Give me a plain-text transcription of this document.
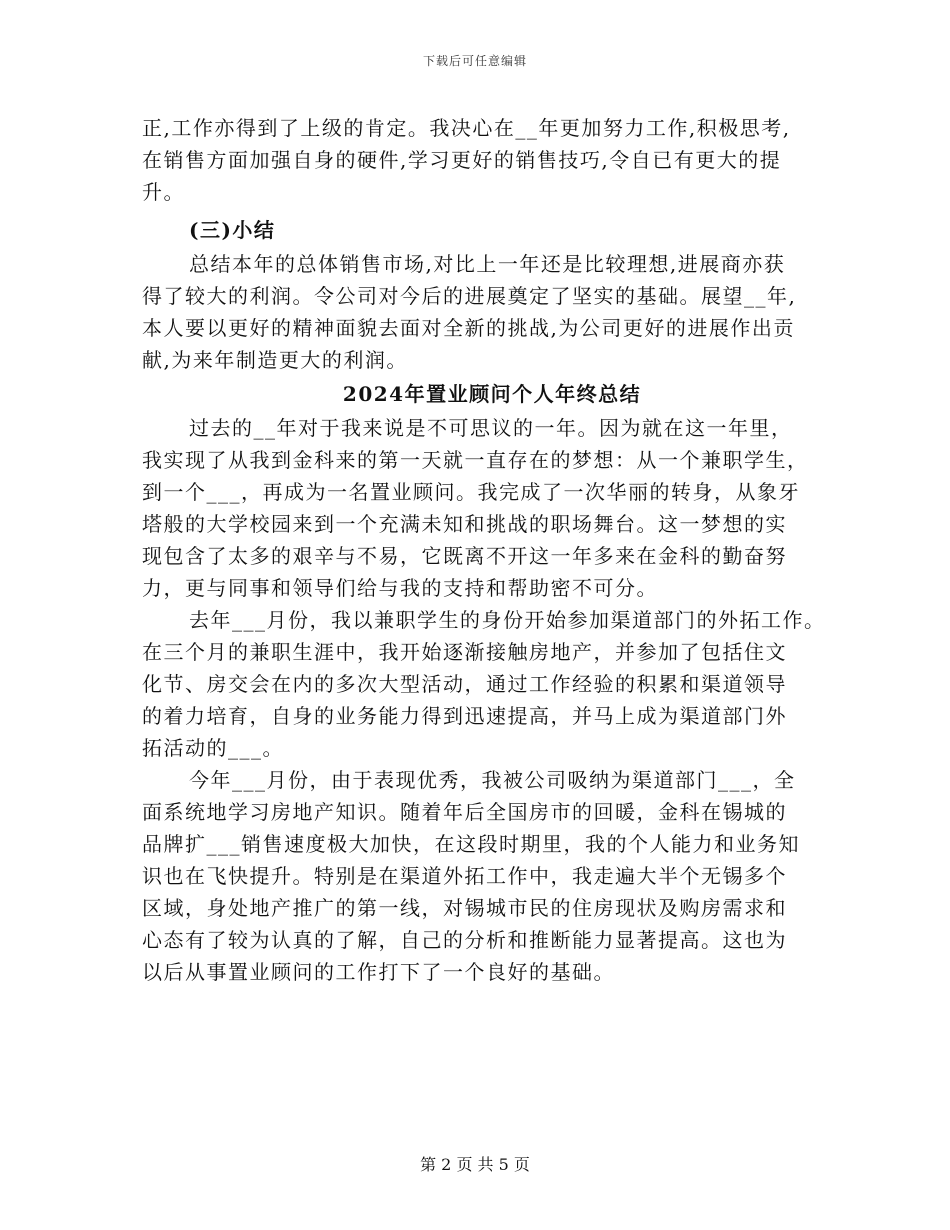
下载后可任意编辑
正,工作亦得到了上级的肯定。我决心在__年更加努力工作,积极思考,
在销售方面加强自身的硬件,学习更好的销售技巧,令自已有更大的提
升。
(三)小结
总结本年的总体销售市场,对比上一年还是比较理想,进展商亦获
得了较大的利润。令公司对今后的进展奠定了坚实的基础。展望__年,
本人要以更好的精神面貌去面对全新的挑战,为公司更好的进展作出贡
献,为来年制造更大的利润。
2024年置业顾问个人年终总结
过去的__年对于我来说是不可思议的一年。因为就在这一年里，
我实现了从我到金科来的第一天就一直存在的梦想：从一个兼职学生，
到一个___，再成为一名置业顾问。我完成了一次华丽的转身，从象牙
塔般的大学校园来到一个充满未知和挑战的职场舞台。这一梦想的实
现包含了太多的艰辛与不易，它既离不开这一年多来在金科的勤奋努
力，更与同事和领导们给与我的支持和帮助密不可分。
去年___月份，我以兼职学生的身份开始参加渠道部门的外拓工作。
在三个月的兼职生涯中，我开始逐渐接触房地产，并参加了包括住文
化节、房交会在内的多次大型活动，通过工作经验的积累和渠道领导
的着力培育，自身的业务能力得到迅速提高，并马上成为渠道部门外
拓活动的___。
今年___月份，由于表现优秀，我被公司吸纳为渠道部门___，全
面系统地学习房地产知识。随着年后全国房市的回暖，金科在锡城的
品牌扩___销售速度极大加快，在这段时期里，我的个人能力和业务知
识也在飞快提升。特别是在渠道外拓工作中，我走遍大半个无锡多个
区域，身处地产推广的第一线，对锡城市民的住房现状及购房需求和
心态有了较为认真的了解，自己的分析和推断能力显著提高。这也为
以后从事置业顾问的工作打下了一个良好的基础。
第 2 页 共 5 页
